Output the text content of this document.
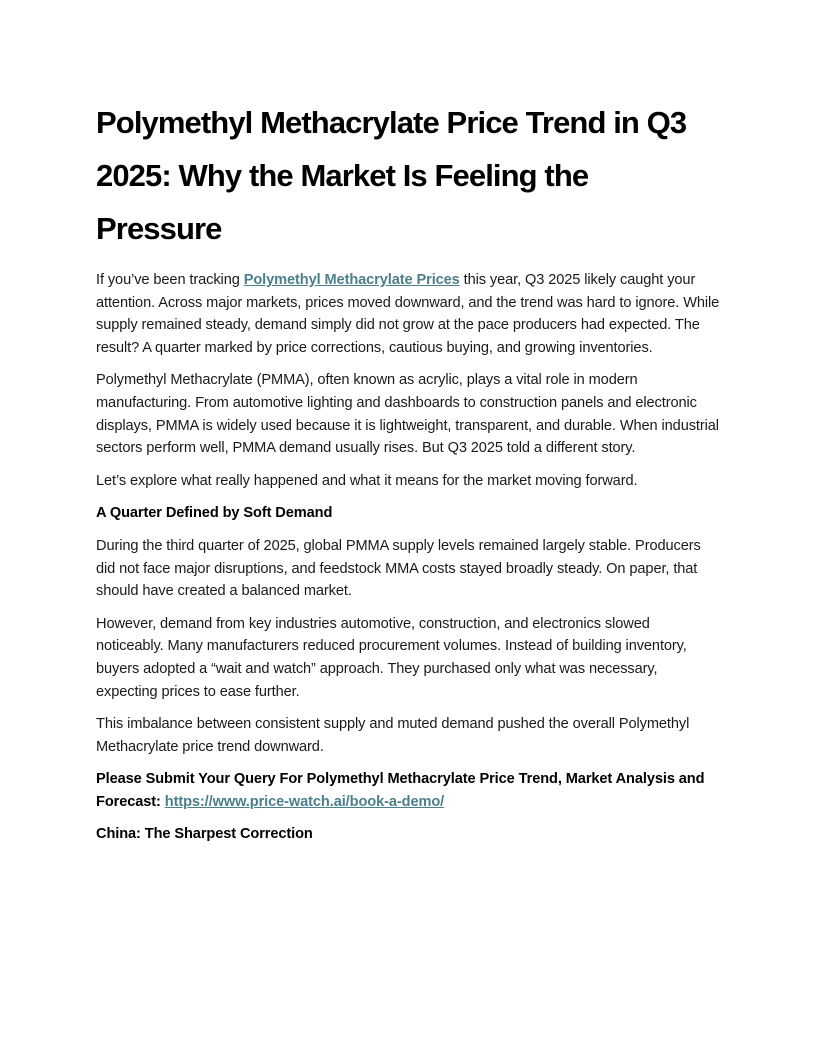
Polymethyl Methacrylate Price Trend in Q3 2025: Why the Market Is Feeling the Pressure

If you’ve been tracking Polymethyl Methacrylate Prices this year, Q3 2025 likely caught your attention. Across major markets, prices moved downward, and the trend was hard to ignore. While supply remained steady, demand simply did not grow at the pace producers had expected. The result? A quarter marked by price corrections, cautious buying, and growing inventories.

Polymethyl Methacrylate (PMMA), often known as acrylic, plays a vital role in modern manufacturing. From automotive lighting and dashboards to construction panels and electronic displays, PMMA is widely used because it is lightweight, transparent, and durable. When industrial sectors perform well, PMMA demand usually rises. But Q3 2025 told a different story.

Let’s explore what really happened and what it means for the market moving forward.

A Quarter Defined by Soft Demand

During the third quarter of 2025, global PMMA supply levels remained largely stable. Producers did not face major disruptions, and feedstock MMA costs stayed broadly steady. On paper, that should have created a balanced market.

However, demand from key industries automotive, construction, and electronics slowed noticeably. Many manufacturers reduced procurement volumes. Instead of building inventory, buyers adopted a “wait and watch” approach. They purchased only what was necessary, expecting prices to ease further.

This imbalance between consistent supply and muted demand pushed the overall Polymethyl Methacrylate price trend downward.

Please Submit Your Query For Polymethyl Methacrylate Price Trend, Market Analysis and Forecast: https://www.price-watch.ai/book-a-demo/

China: The Sharpest Correction
